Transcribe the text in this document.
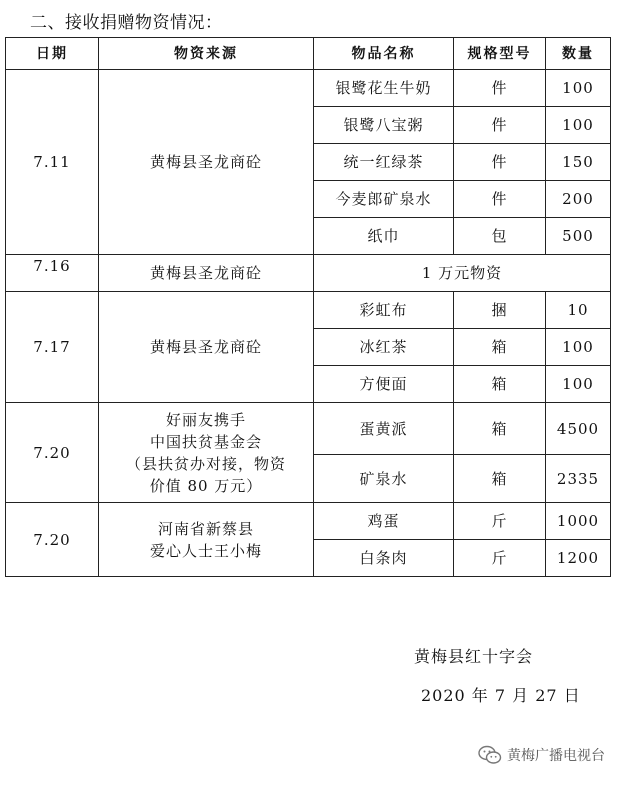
二、接收捐赠物资情况：
日期	物资来源	物品名称	规格型号	数量
7.11	黄梅县圣龙商砼	银鹭花生牛奶	件	100
		银鹭八宝粥	件	100
		统一红绿茶	件	150
		今麦郎矿泉水	件	200
		纸巾	包	500
7.16	黄梅县圣龙商砼	1 万元物资		
7.17	黄梅县圣龙商砼	彩虹布	捆	10
		冰红茶	箱	100
		方便面	箱	100
7.20	好丽友携手
中国扶贫基金会
（县扶贫办对接，物资
价值 80 万元）	蛋黄派	箱	4500
		矿泉水	箱	2335
7.20	河南省新蔡县
爱心人士王小梅	鸡蛋	斤	1000
		白条肉	斤	1200
黄梅县红十字会
2020 年 7 月 27 日
黄梅广播电视台
